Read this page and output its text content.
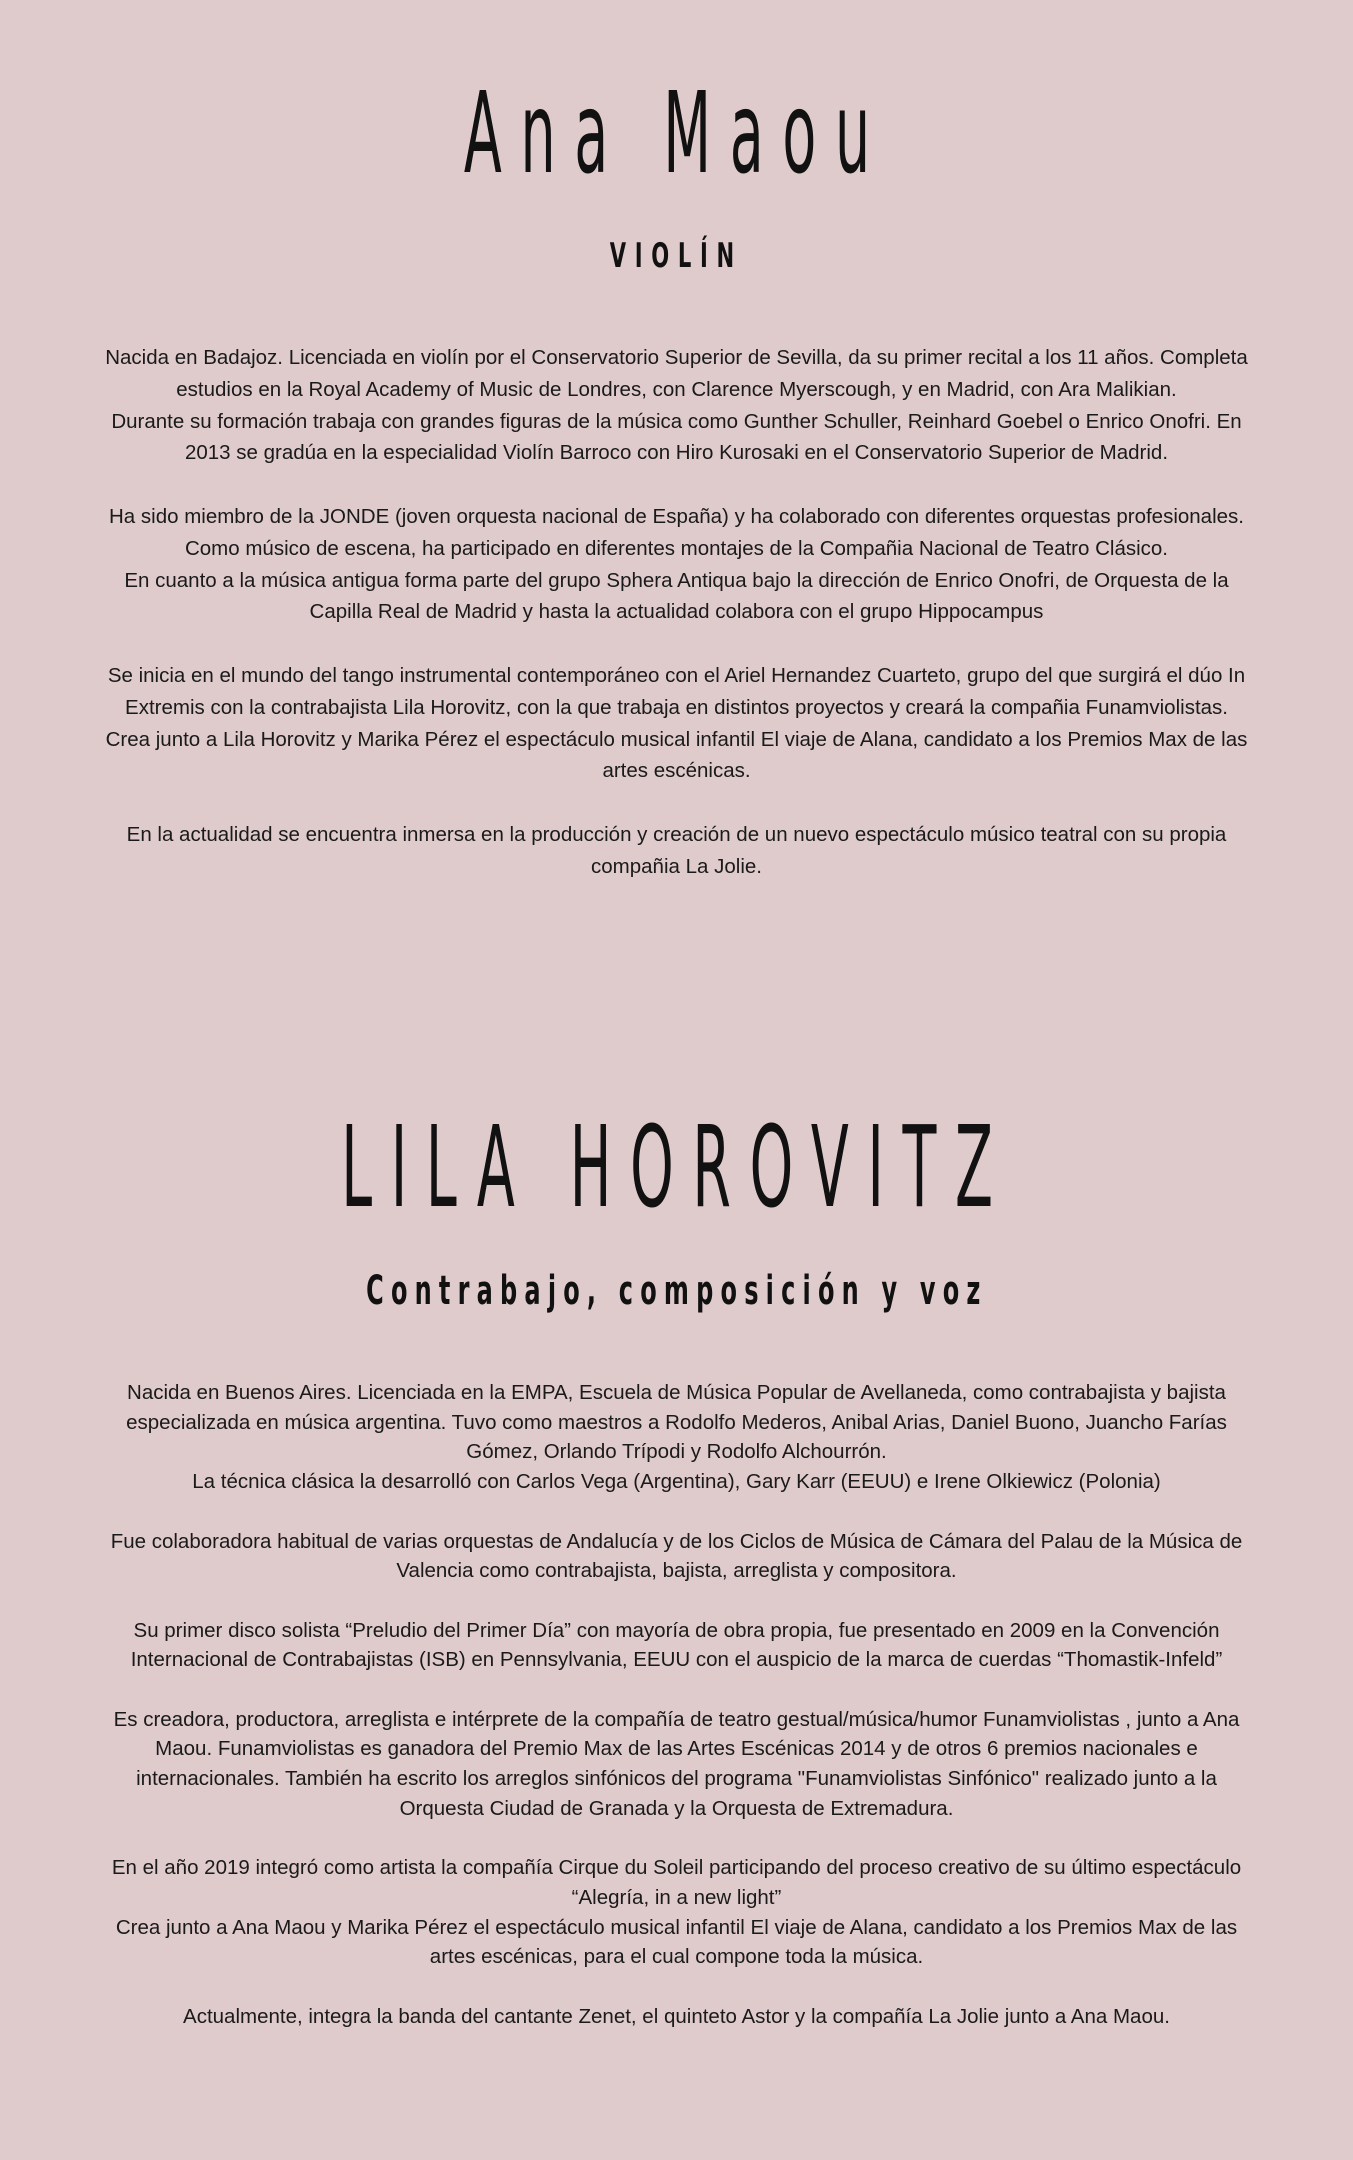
Ana Maou
VIOLÍN

Nacida en Badajoz. Licenciada en violín por el Conservatorio Superior de Sevilla, da su primer recital a los 11 años. Completa estudios en la Royal Academy of Music de Londres, con Clarence Myerscough, y en Madrid, con Ara Malikian.

Durante su formación trabaja con grandes figuras de la música como Gunther Schuller, Reinhard Goebel o Enrico Onofri. En 2013 se gradúa en la especialidad Violín Barroco con Hiro Kurosaki en el Conservatorio Superior de Madrid.

Ha sido miembro de la JONDE (joven orquesta nacional de España) y ha colaborado con diferentes orquestas profesionales. Como músico de escena, ha participado en diferentes montajes de la Compañia Nacional de Teatro Clásico.

En cuanto a la música antigua forma parte del grupo Sphera Antiqua bajo la dirección de Enrico Onofri, de Orquesta de la Capilla Real de Madrid y hasta la actualidad colabora con el grupo Hippocampus

Se inicia en el mundo del tango instrumental contemporáneo con el Ariel Hernandez Cuarteto, grupo del que surgirá el dúo In Extremis con la contrabajista Lila Horovitz, con la que trabaja en distintos proyectos y creará la compañia Funamviolistas.

Crea junto a Lila Horovitz y Marika Pérez el espectáculo musical infantil El viaje de Alana, candidato a los Premios Max de las artes escénicas.

En la actualidad se encuentra inmersa en la producción y creación de un nuevo espectáculo músico teatral con su propia compañia La Jolie.

LILA HOROVITZ
Contrabajo, composición y voz

Nacida en Buenos Aires. Licenciada en la EMPA, Escuela de Música Popular de Avellaneda, como contrabajista y bajista especializada en música argentina. Tuvo como maestros a Rodolfo Mederos, Anibal Arias, Daniel Buono, Juancho Farías Gómez, Orlando Trípodi y Rodolfo Alchourrón.

La técnica clásica la desarrolló con Carlos Vega (Argentina), Gary Karr (EEUU) e Irene Olkiewicz (Polonia)

Fue colaboradora habitual de varias orquestas de Andalucía y de los Ciclos de Música de Cámara del Palau de la Música de Valencia como contrabajista, bajista, arreglista y compositora.

Su primer disco solista “Preludio del Primer Día” con mayoría de obra propia, fue presentado en 2009 en la Convención Internacional de Contrabajistas (ISB) en Pennsylvania, EEUU con el auspicio de la marca de cuerdas “Thomastik-Infeld”

Es creadora, productora, arreglista e intérprete de la compañía de teatro gestual/música/humor Funamviolistas , junto a Ana Maou. Funamviolistas es ganadora del Premio Max de las Artes Escénicas 2014 y de otros 6 premios nacionales e internacionales. También ha escrito los arreglos sinfónicos del programa "Funamviolistas Sinfónico" realizado junto a la Orquesta Ciudad de Granada y la Orquesta de Extremadura.

En el año 2019 integró como artista la compañía Cirque du Soleil participando del proceso creativo de su último espectáculo “Alegría, in a new light”

Crea junto a Ana Maou y Marika Pérez el espectáculo musical infantil El viaje de Alana, candidato a los Premios Max de las artes escénicas, para el cual compone toda la música.

Actualmente, integra la banda del cantante Zenet, el quinteto Astor y la compañía La Jolie junto a Ana Maou.
